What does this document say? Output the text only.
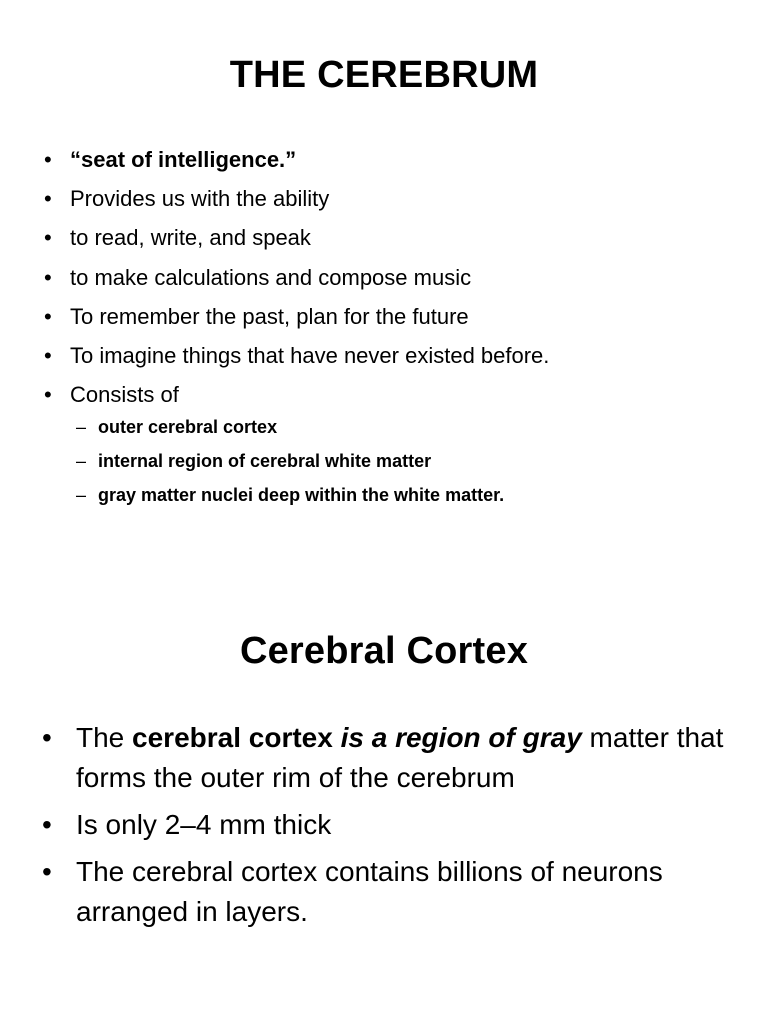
THE CEREBRUM
• “seat of intelligence.”
• Provides us with the ability
• to read, write, and speak
• to make calculations and compose music
• To remember the past, plan for the future
• To imagine things that have never existed before.
• Consists of
– outer cerebral cortex
– internal region of cerebral white matter
– gray matter nuclei deep within the white matter.
Cerebral Cortex
• The cerebral cortex is a region of gray matter that forms the outer rim of the cerebrum
• Is only 2–4 mm thick
• The cerebral cortex contains billions of neurons arranged in layers.
